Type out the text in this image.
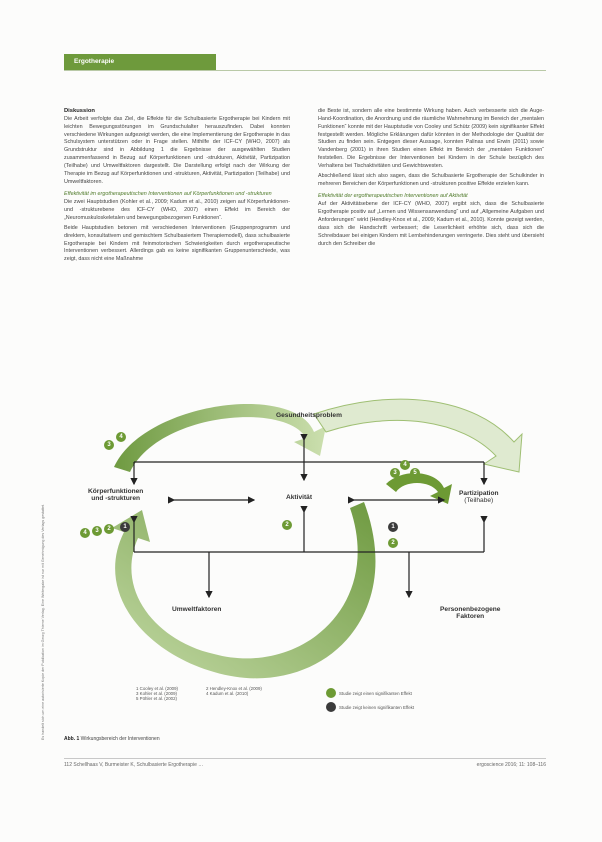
Ergotherapie
Es handelt sich um eine autorisierte Kopie der Publikation im Georg Thieme Verlag. Eine Weitergabe ist nur mit Genehmigung des Verlags gestattet.
Diskussion

Die Arbeit verfolgte das Ziel, die Effekte für die Schulbasierte Ergotherapie bei Kindern mit leichten Bewegungsstörungen im Grundschulalter herauszufinden. Dabei konnten verschiedene Wirkungen aufgezeigt werden, die eine Implementierung der Ergotherapie in das Schulsystem unterstützen oder in Frage stellen. Mithilfe der ICF-CY (WHO, 2007) als Grundstruktur sind in Abbildung 1 die Ergebnisse der ausgewählten Studien zusammenfassend in Bezug auf Körperfunktionen und -strukturen, Aktivität, Partizipation (Teilhabe) und Umweltfaktoren dargestellt. Die Darstellung erfolgt nach der Wirkung der Therapie im Bezug auf Körperfunktionen und -strukturen, Aktivität, Partizipation (Teilhabe) und Umweltfaktoren.

Effektivität im ergotherapeutischen Interventionen auf Körperfunktionen und -strukturen

Die zwei Hauptstudien (Kohler et al., 2009; Kadum et al., 2010) zeigen auf Körperfunktionen- und -strukturebene des ICF-CY (WHO, 2007) einen Effekt im Bereich der „Neuromuskuloskeletalen und bewegungsbezogenen Funktionen“.

Beide Hauptstudien betonen mit verschiedenen Interventionen (Gruppenprogramm und direktem, konsultativem und gemischtem Schulbasiertem Therapiemodell), dass schulbasierte Ergotherapie bei Kindern mit feinmotorischen Schwierigkeiten durch ergotherapeutische Interventionen verbessert. Allerdings gab es keine signifikanten Gruppenunterschiede, was zeigt, dass nicht eine Maßnahme

die Beste ist, sondern alle eine bestimmte Wirkung haben. Auch verbesserte sich die Auge-Hand-Koordination, die Anordnung und die räumliche Wahrnehmung im Bereich der „mentalen Funktionen“ konnte mit der Hauptstudie von Cooley und Schütz (2009) kein signifikanter Effekt festgestellt werden. Mögliche Erklärungen dafür könnten in der Methodologie der Qualität der Studien zu finden sein. Entgegen dieser Aussage, konnten Palinas und Erwin (2011) sowie Vandenberg (2001) in ihren Studien einen Effekt im Bereich der „mentalen Funktionen“ feststellen. Die Ergebnisse der Interventionen bei Kindern in der Schule bezüglich des Verhaltens bei Tischaktivitäten und Gewichtswesten.

Abschließend lässt sich also sagen, dass die Schulbasierte Ergotherapie der Schulkinder in mehreren Bereichen der Körperfunktionen und -strukturen positive Effekte erzielen kann.

Effektivität der ergotherapeutischen Interventionen auf Aktivität

Auf der Aktivitätsebene der ICF-CY (WHO, 2007) ergibt sich, dass die Schulbasierte Ergotherapie positiv auf „Lernen und Wissensanwendung“ und auf „Allgemeine Aufgaben und Anforderungen“ wirkt (Hendley-Knox et al., 2009; Kadum et al., 2010). Konnte gezeigt werden, dass sich die Handschrift verbessert; die Leserlichkeit erhöhte sich, dass sich die Schreibdauer bei einigen Kindern mit Lernbehinderungen verringerte. Dies steht und übersieht durch den Schreiber die

Gesundheitsproblem
Körperfunktionen
und -strukturen	Aktivität
Partizipation
(Teilhabe)
Umweltfaktoren	Personenbezogene
Faktoren
3
4
1
2
3
4
2
3
4
5
1
2
1 Cooley et al. (2009)
3 Kohler et al. (2009)
5 Pöhler et al. (2002)
2 Hendley-Knox et al. (2009)
4 Kadum et al. (2010)	Studie zeigt einen signifikanten Effekt
Studie zeigt keinen signifikanten Effekt
Abb. 1 Wirkungsbereich der Interventionen
112 Schellhaas V, Burmeister K, Schulbasierte Ergotherapie …	ergoscience 2016; 11: 108–116
